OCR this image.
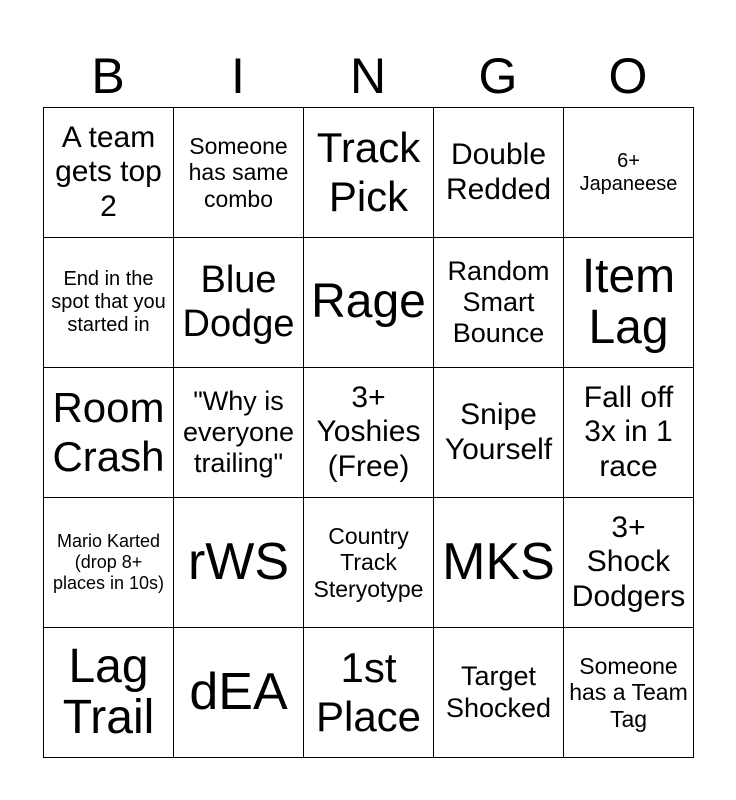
B	I	N	G	O
A team gets top 2	Someone has same combo	Track Pick	Double Redded	6+ Japaneese
End in the spot that you started in	Blue Dodge	Rage	Random Smart Bounce	Item Lag
Room Crash	"Why is everyone trailing"	3+ Yoshies (Free)	Snipe Yourself	Fall off 3x in 1 race
Mario Karted (drop 8+ places in 10s)	rWS	Country Track Steryotype	MKS	3+ Shock Dodgers
Lag Trail	dEA	1st Place	Target Shocked	Someone has a Team Tag
